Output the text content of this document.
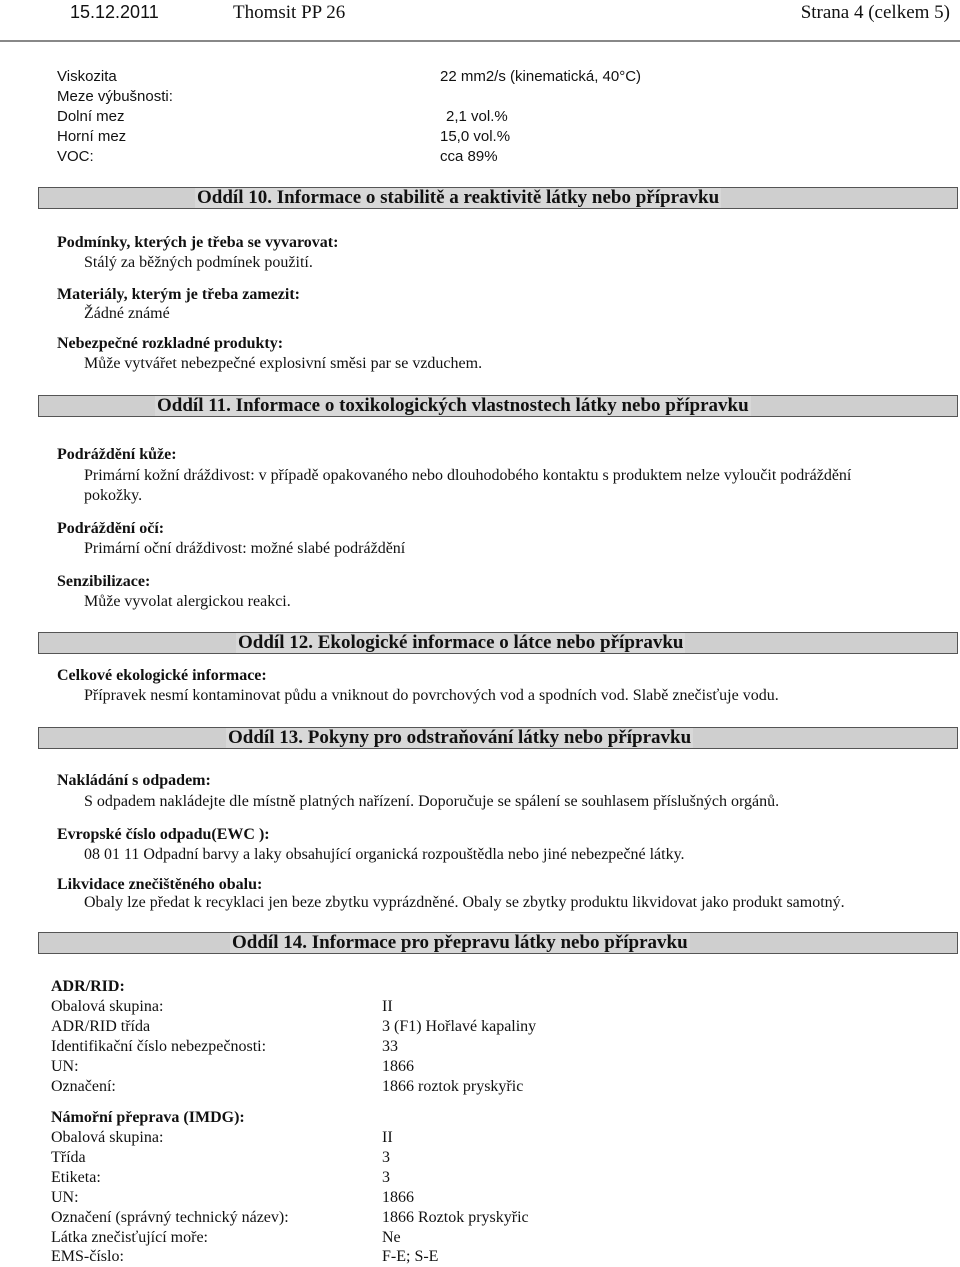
15.12.2011	Thomsit PP 26	Strana 4 (celkem 5)
Viskozita	22 mm2/s (kinematická, 40°C)
Meze výbušnosti:
Dolní mez	2,1 vol.%
Horní mez	15,0 vol.%
VOC:	cca 89%
Oddíl 10. Informace o stabilitě a reaktivitě látky nebo přípravku
Podmínky, kterých je třeba se vyvarovat:
Stálý za běžných podmínek použití.
Materiály, kterým je třeba zamezit:
Žádné známé
Nebezpečné rozkladné produkty:
Může vytvářet nebezpečné explosivní směsi par se vzduchem.
Oddíl 11. Informace o toxikologických vlastnostech látky nebo přípravku
Podráždění kůže:
Primární kožní dráždivost: v případě opakovaného nebo dlouhodobého kontaktu s produktem nelze vyloučit podráždění
pokožky.
Podráždění očí:
Primární oční dráždivost: možné slabé podráždění
Senzibilizace:
Může vyvolat alergickou reakci.
Oddíl 12. Ekologické informace o látce nebo přípravku
Celkové ekologické informace:
Přípravek nesmí kontaminovat půdu a vniknout do povrchových vod a spodních vod. Slabě znečisťuje vodu.
Oddíl 13. Pokyny pro odstraňování látky nebo přípravku
Nakládání s odpadem:
S odpadem nakládejte dle místně platných nařízení. Doporučuje se spálení se souhlasem příslušných orgánů.
Evropské číslo odpadu(EWC ):
08 01 11 Odpadní barvy a laky obsahující organická rozpouštědla nebo jiné nebezpečné látky.
Likvidace znečištěného obalu:
Obaly lze předat k recyklaci jen beze zbytku vyprázdněné. Obaly se zbytky produktu likvidovat jako produkt samotný.
Oddíl 14. Informace pro přepravu látky nebo přípravku
ADR/RID:
Obalová skupina:	II
ADR/RID třída	3 (F1) Hořlavé kapaliny
Identifikační číslo nebezpečnosti:	33
UN:	1866
Označení:	1866 roztok pryskyřic
Námořní přeprava (IMDG):
Obalová skupina:	II
Třída	3
Etiketa:	3
UN:	1866
Označení (správný technický název):	1866 Roztok pryskyřic
Látka znečisťující moře:	Ne
EMS-číslo:	F-E; S-E
